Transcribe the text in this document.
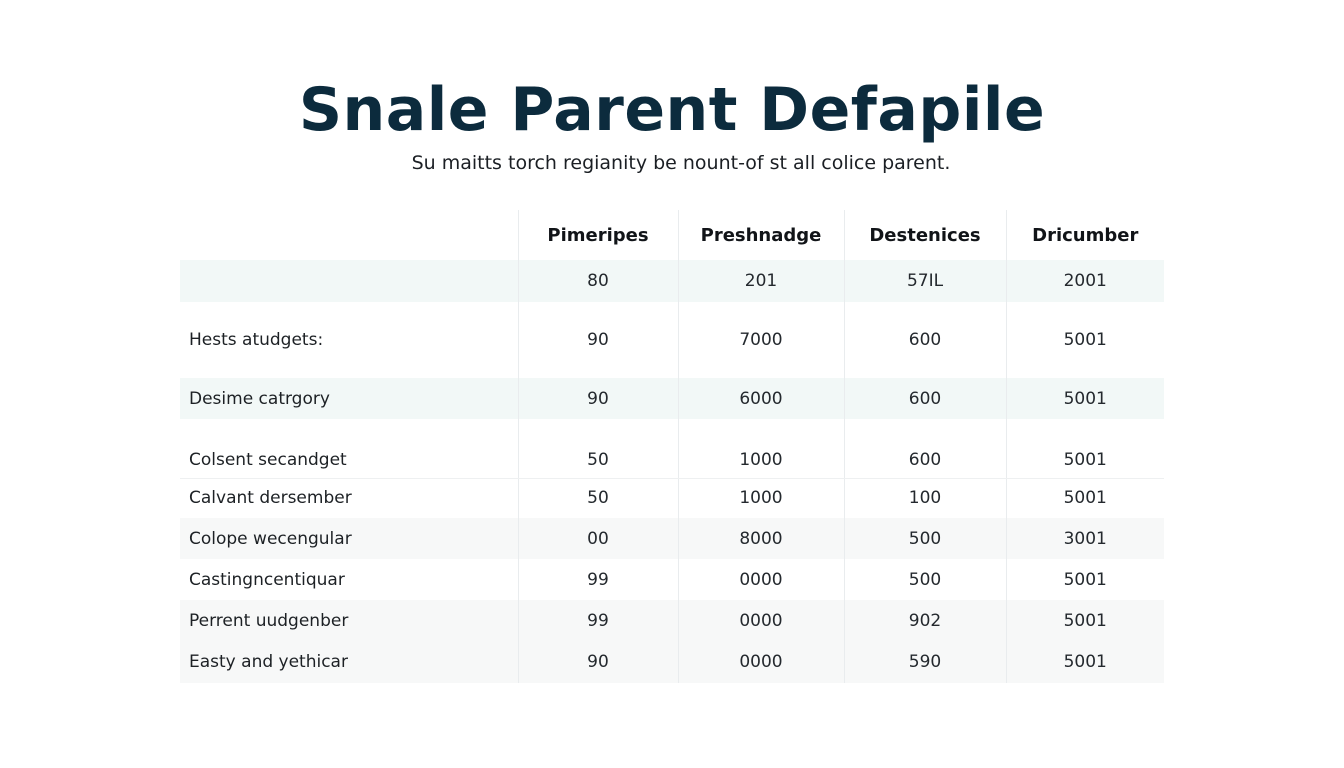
Snale Parent Defapile
Su maitts torch regianity be nount-of st all colice parent.
	Pimeripes	Preshnadge	Destenices	Dricumber
	80	201	57IL	2001
Hests atudgets:	90	7000	600	5001
Desime catrgory	90	6000	600	5001
Colsent secandget	50	1000	600	5001
Calvant dersember	50	1000	100	5001
Colope wecengular	00	8000	500	3001
Castingncentiquar	99	0000	500	5001
Perrent uudgenber	99	0000	902	5001
Easty and yethicar	90	0000	590	5001
